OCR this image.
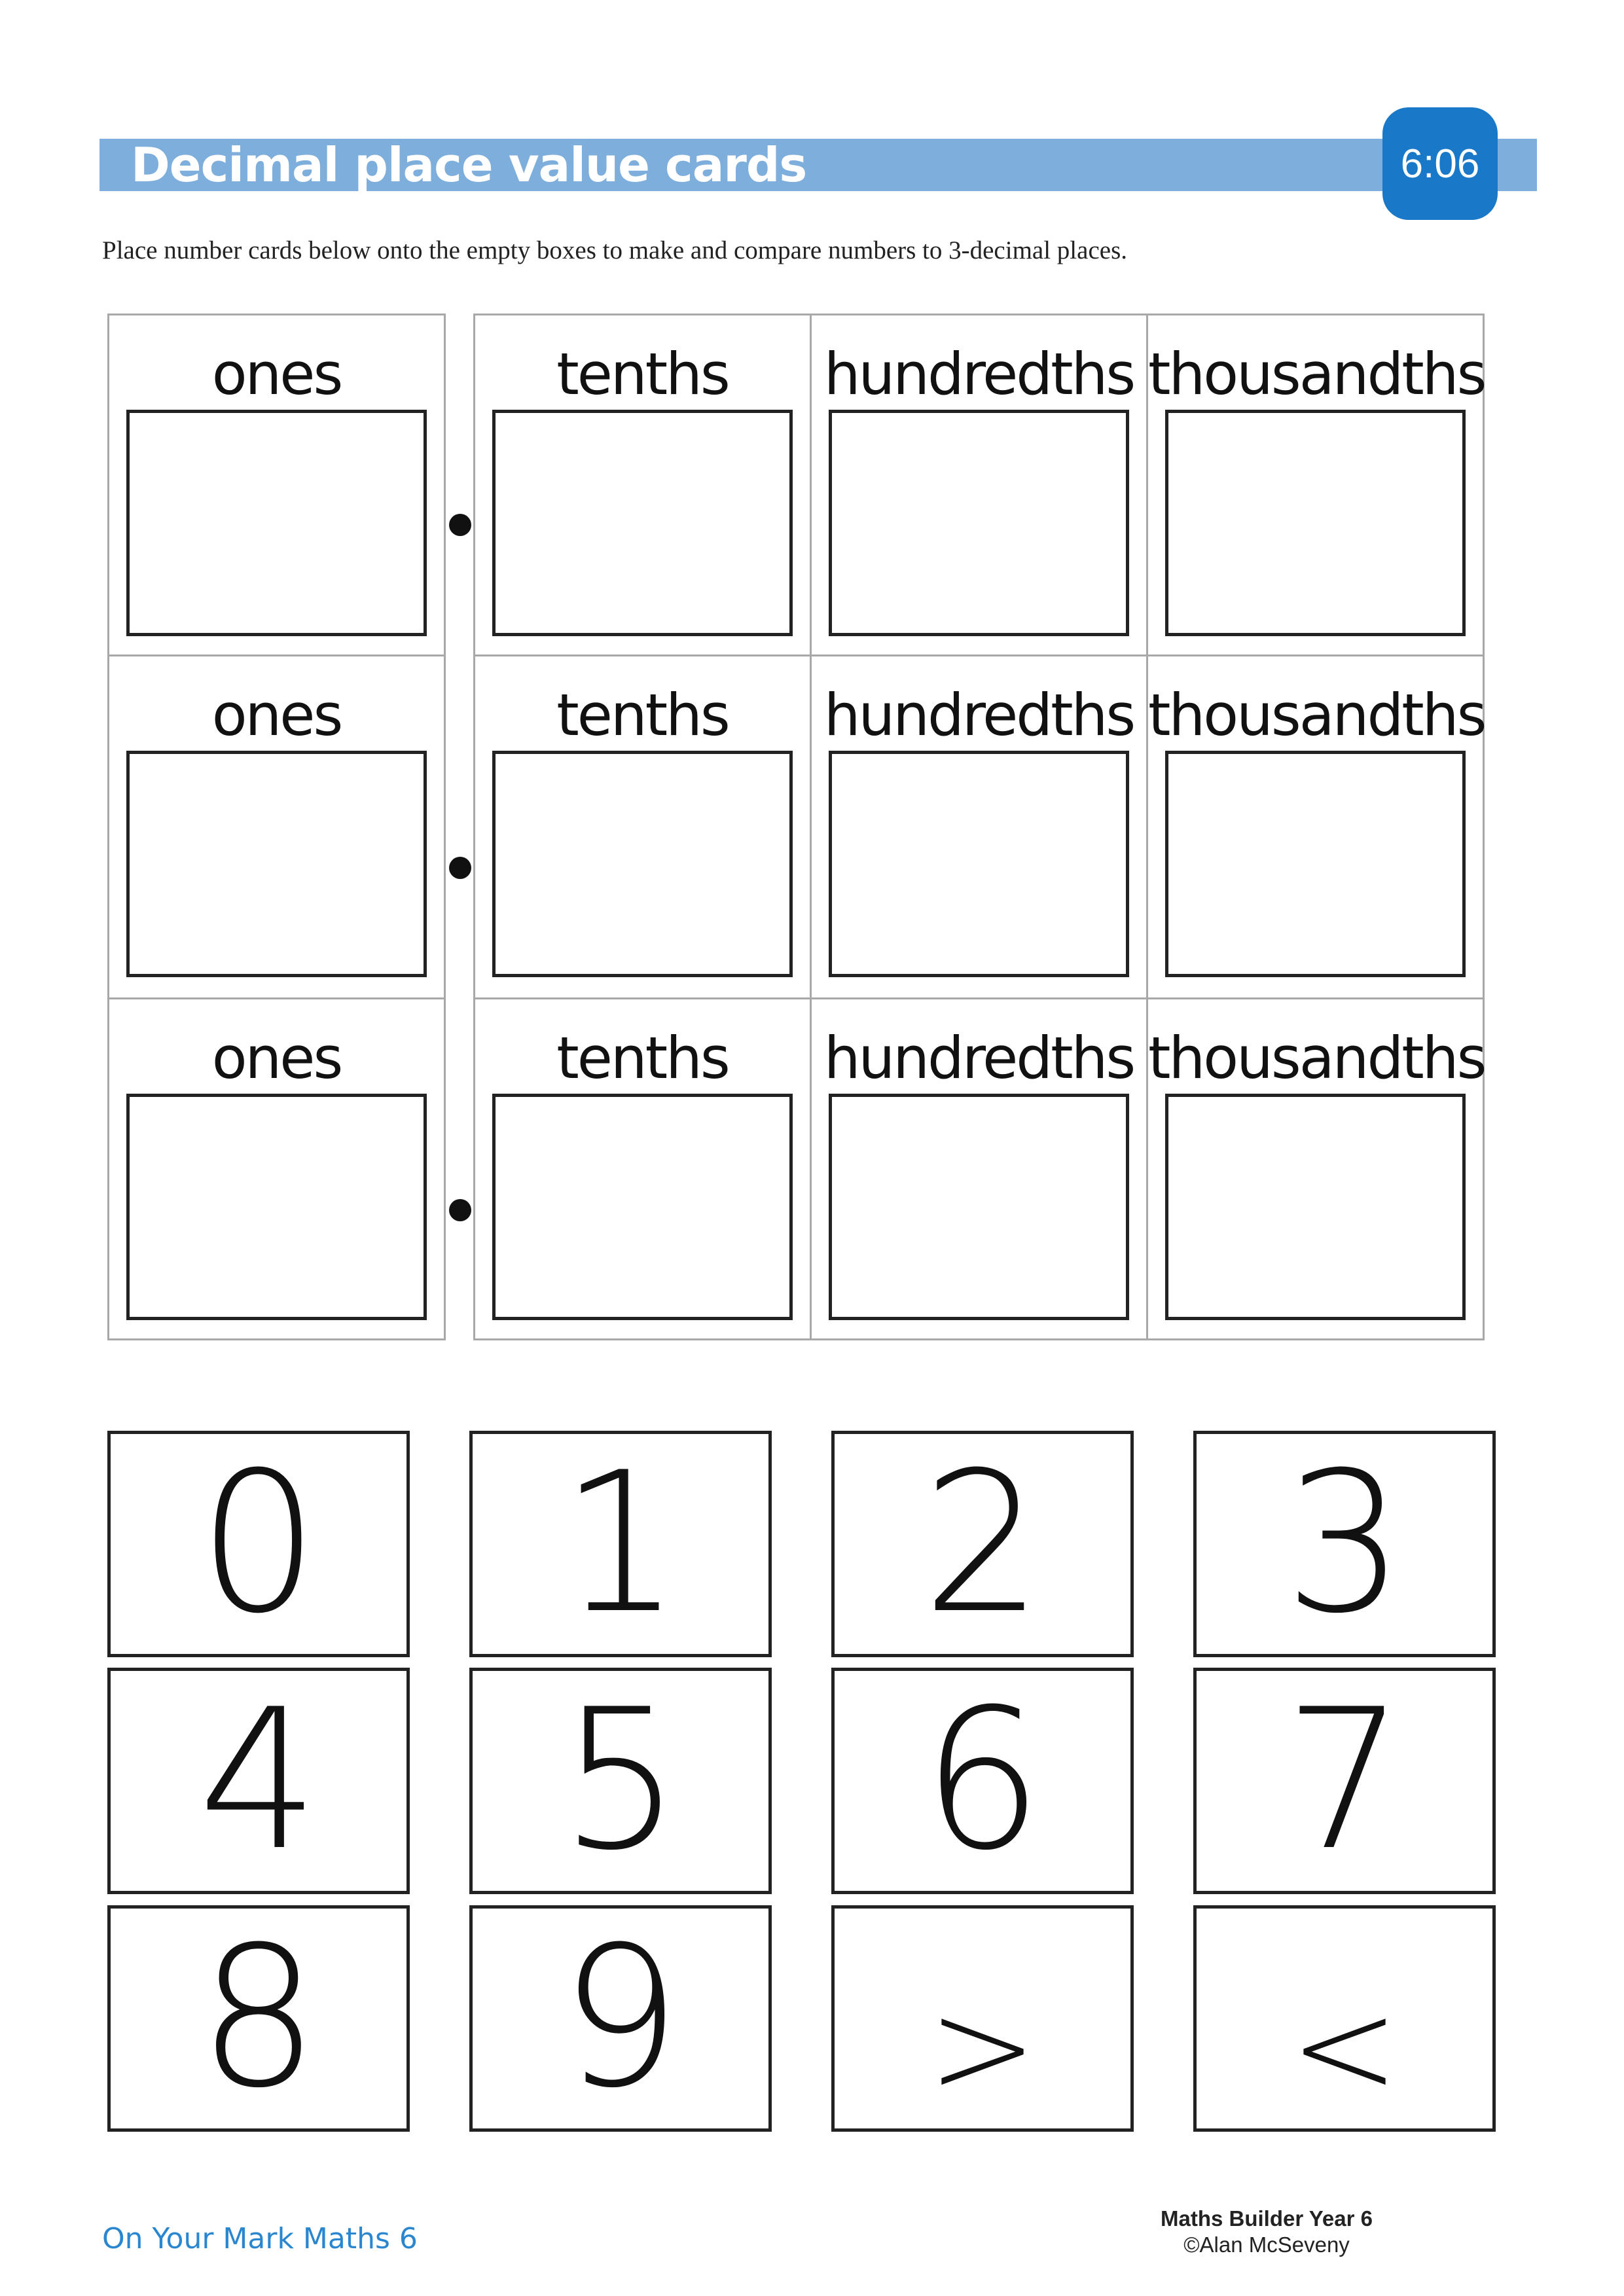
Decimal place value cards	6:06
Place number cards below onto the empty boxes to make and compare numbers to 3-decimal places.
ones	tenths	hundredths thousandths
ones	tenths	hundredths thousandths
ones	tenths	hundredths thousandths
0 1 2 3
4 5 6 7
8 9 > <
On Your Mark Maths 6
Maths Builder Year 6
©Alan McSeveny
